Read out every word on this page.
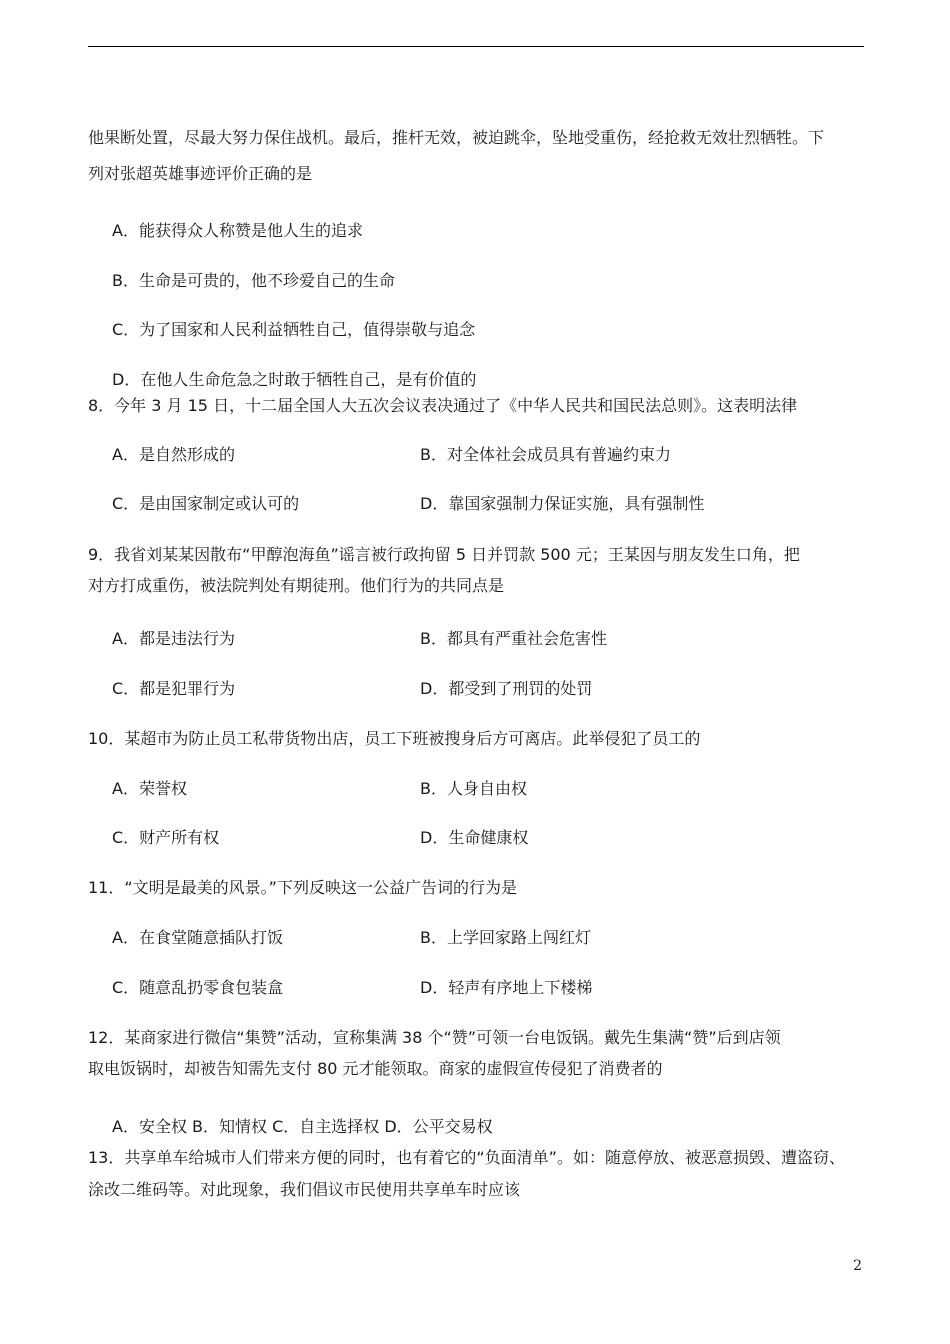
他果断处置，尽最大努力保住战机。最后，推杆无效，被迫跳伞，坠地受重伤，经抢救无效壮烈牺牲。下
列对张超英雄事迹评价正确的是
A．能获得众人称赞是他人生的追求
B．生命是可贵的，他不珍爱自己的生命
C．为了国家和人民利益牺牲自己，值得崇敬与追念
D．在他人生命危急之时敢于牺牲自己，是有价值的
8．今年 3 月 15 日，十二届全国人大五次会议表决通过了《中华人民共和国民法总则》。这表明法律
A．是自然形成的	B．对全体社会成员具有普遍约束力
C．是由国家制定或认可的	D．靠国家强制力保证实施，具有强制性
9．我省刘某某因散布“甲醇泡海鱼”谣言被行政拘留 5 日并罚款 500 元；王某因与朋友发生口角，把
对方打成重伤，被法院判处有期徒刑。他们行为的共同点是
A．都是违法行为	B．都具有严重社会危害性
C．都是犯罪行为	D．都受到了刑罚的处罚
10．某超市为防止员工私带货物出店，员工下班被搜身后方可离店。此举侵犯了员工的
A．荣誉权	B．人身自由权
C．财产所有权	D．生命健康权
11．“文明是最美的风景。”下列反映这一公益广告词的行为是
A．在食堂随意插队打饭	B．上学回家路上闯红灯
C．随意乱扔零食包装盒	D．轻声有序地上下楼梯
12．某商家进行微信“集赞”活动，宣称集满 38 个“赞”可领一台电饭锅。戴先生集满“赞”后到店领
取电饭锅时，却被告知需先支付 80 元才能领取。商家的虚假宣传侵犯了消费者的
A．安全权 B．知情权 C．自主选择权 D．公平交易权
13．共享单车给城市人们带来方便的同时，也有着它的“负面清单”。如：随意停放、被恶意损毁、遭盗窃、
涂改二维码等。对此现象，我们倡议市民使用共享单车时应该
2
